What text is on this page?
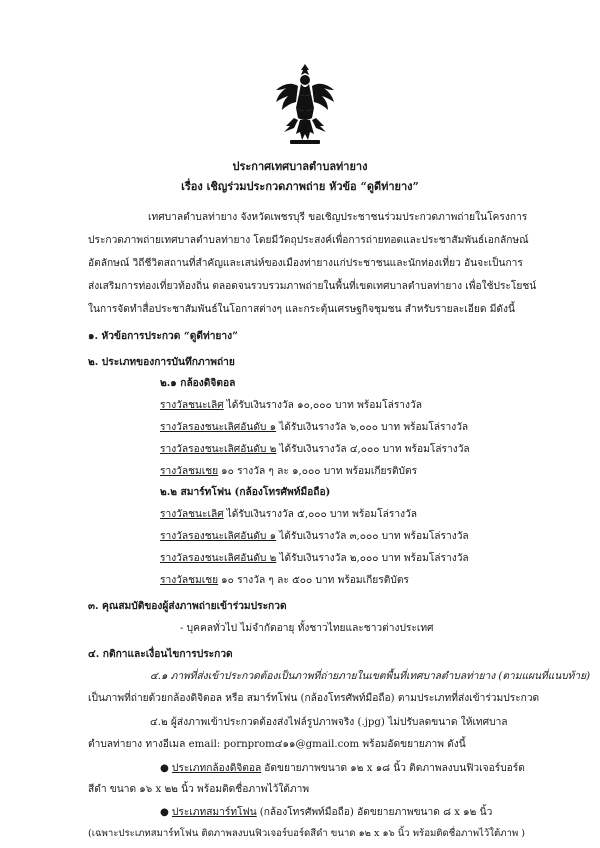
ประกาศเทศบาลตำบลท่ายาง
เรื่อง เชิญร่วมประกวดภาพถ่าย หัวข้อ “ดูดีท่ายาง”
เทศบาลตำบลท่ายาง จังหวัดเพชรบุรี ขอเชิญประชาชนร่วมประกวดภาพถ่ายในโครงการ
ประกวดภาพถ่ายเทศบาลตำบลท่ายาง โดยมีวัตถุประสงค์เพื่อการถ่ายทอดและประชาสัมพันธ์เอกลักษณ์
อัตลักษณ์ วิถีชีวิตสถานที่สำคัญและเสน่ห์ของเมืองท่ายางแก่ประชาชนและนักท่องเที่ยว อันจะเป็นการ
ส่งเสริมการท่องเที่ยวท้องถิ่น ตลอดจนรวบรวมภาพถ่ายในพื้นที่เขตเทศบาลตำบลท่ายาง เพื่อใช้ประโยชน์
ในการจัดทำสื่อประชาสัมพันธ์ในโอกาสต่างๆ และกระตุ้นเศรษฐกิจชุมชน สำหรับรายละเอียด มีดังนี้
๑. หัวข้อการประกวด “ดูดีท่ายาง”
๒. ประเภทของการบันทึกภาพถ่าย
๒.๑ กล้องดิจิตอล
รางวัลชนะเลิศ ได้รับเงินรางวัล ๑๐,๐๐๐ บาท พร้อมโล่รางวัล
รางวัลรองชนะเลิศอันดับ ๑ ได้รับเงินรางวัล ๖,๐๐๐ บาท พร้อมโล่รางวัล
รางวัลรองชนะเลิศอันดับ ๒ ได้รับเงินรางวัล ๔,๐๐๐ บาท พร้อมโล่รางวัล
รางวัลชมเชย ๑๐ รางวัล ๆ ละ ๑,๐๐๐ บาท พร้อมเกียรติบัตร
๒.๒ สมาร์ทโฟน (กล้องโทรศัพท์มือถือ)
รางวัลชนะเลิศ ได้รับเงินรางวัล ๕,๐๐๐ บาท พร้อมโล่รางวัล
รางวัลรองชนะเลิศอันดับ ๑ ได้รับเงินรางวัล ๓,๐๐๐ บาท พร้อมโล่รางวัล
รางวัลรองชนะเลิศอันดับ ๒ ได้รับเงินรางวัล ๒,๐๐๐ บาท พร้อมโล่รางวัล
รางวัลชมเชย ๑๐ รางวัล ๆ ละ ๕๐๐ บาท พร้อมเกียรติบัตร
๓. คุณสมบัติของผู้ส่งภาพถ่ายเข้าร่วมประกวด
- บุคคลทั่วไป ไม่จำกัดอายุ ทั้งชาวไทยและชาวต่างประเทศ
๔. กติกาและเงื่อนไขการประกวด
๔.๑ ภาพที่ส่งเข้าประกวดต้องเป็นภาพที่ถ่ายภายในเขตพื้นที่เทศบาลตำบลท่ายาง (ตามแผนที่แนบท้าย)
เป็นภาพที่ถ่ายด้วยกล้องดิจิตอล หรือ สมาร์ทโฟน (กล้องโทรศัพท์มือถือ) ตามประเภทที่ส่งเข้าร่วมประกวด
๔.๒ ผู้ส่งภาพเข้าประกวดต้องส่งไฟล์รูปภาพจริง (.jpg) ไม่ปรับลดขนาด ให้เทศบาล
ตำบลท่ายาง ทางอีเมล email: pornprom๔๑๑@gmail.com พร้อมอัดขยายภาพ ดังนี้
● ประเภทกล้องดิจิตอล อัดขยายภาพขนาด ๑๒ x ๑๘ นิ้ว ติดภาพลงบนฟิวเจอร์บอร์ด
สีดำ ขนาด ๑๖ x ๒๒ นิ้ว พร้อมติดชื่อภาพไว้ใต้ภาพ
● ประเภทสมาร์ทโฟน (กล้องโทรศัพท์มือถือ) อัดขยายภาพขนาด ๘ x ๑๒ นิ้ว
(เฉพาะประเภทสมาร์ทโฟน ติดภาพลงบนฟิวเจอร์บอร์ดสีดำ ขนาด ๑๒ x ๑๖ นิ้ว พร้อมติดชื่อภาพไว้ใต้ภาพ )
